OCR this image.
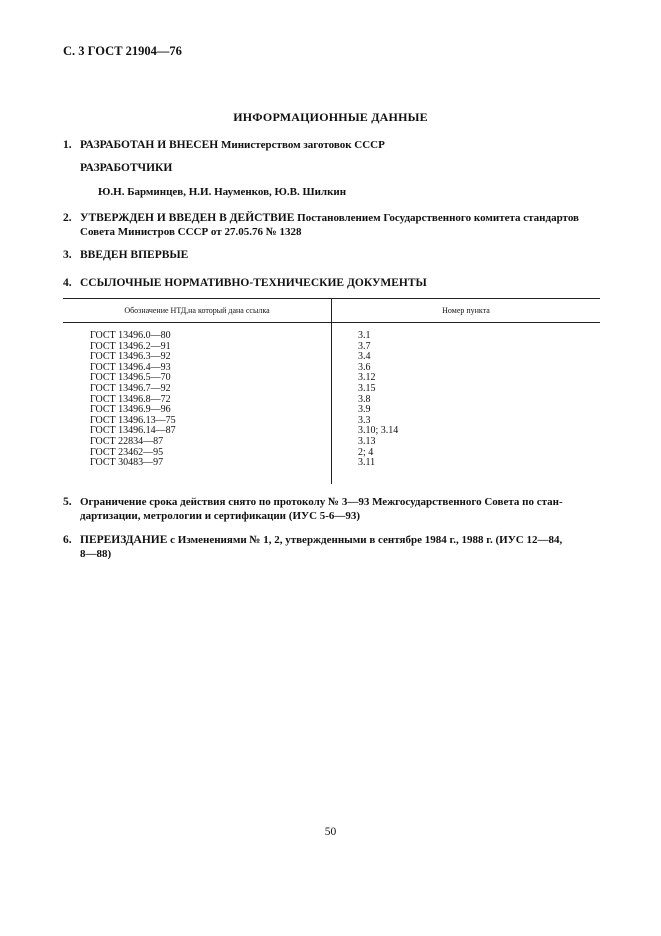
С. 3 ГОСТ 21904—76
ИНФОРМАЦИОННЫЕ ДАННЫЕ
1. РАЗРАБОТАН И ВНЕСЕН Министерством заготовок СССР
РАЗРАБОТЧИКИ
Ю.Н. Барминцев, Н.И. Науменков, Ю.В. Шилкин
2. УТВЕРЖДЕН И ВВЕДЕН В ДЕЙСТВИЕ Постановлением Государственного комитета стандартов
Совета Министров СССР от 27.05.76 № 1328
3. ВВЕДЕН ВПЕРВЫЕ
4. ССЫЛОЧНЫЕ НОРМАТИВНО-ТЕХНИЧЕСКИЕ ДОКУМЕНТЫ
Обозначение НТД,на который дана ссылка	Номер пункта
ГОСТ 13496.0—80	3.1
ГОСТ 13496.2—91	3.7
ГОСТ 13496.3—92	3.4
ГОСТ 13496.4—93	3.6
ГОСТ 13496.5—70	3.12
ГОСТ 13496.7—92	3.15
ГОСТ 13496.8—72	3.8
ГОСТ 13496.9—96	3.9
ГОСТ 13496.13—75	3.3
ГОСТ 13496.14—87	3.10; 3.14
ГОСТ 22834—87	3.13
ГОСТ 23462—95	2; 4
ГОСТ 30483—97	3.11
5. Ограничение срока действия снято по протоколу № 3—93 Межгосударственного Совета по стан-
дартизации, метрологии и сертификации (ИУС 5-6—93)
6. ПЕРЕИЗДАНИЕ с Изменениями № 1, 2, утвержденными в сентябре 1984 г., 1988 г. (ИУС 12—84,
8—88)
50
